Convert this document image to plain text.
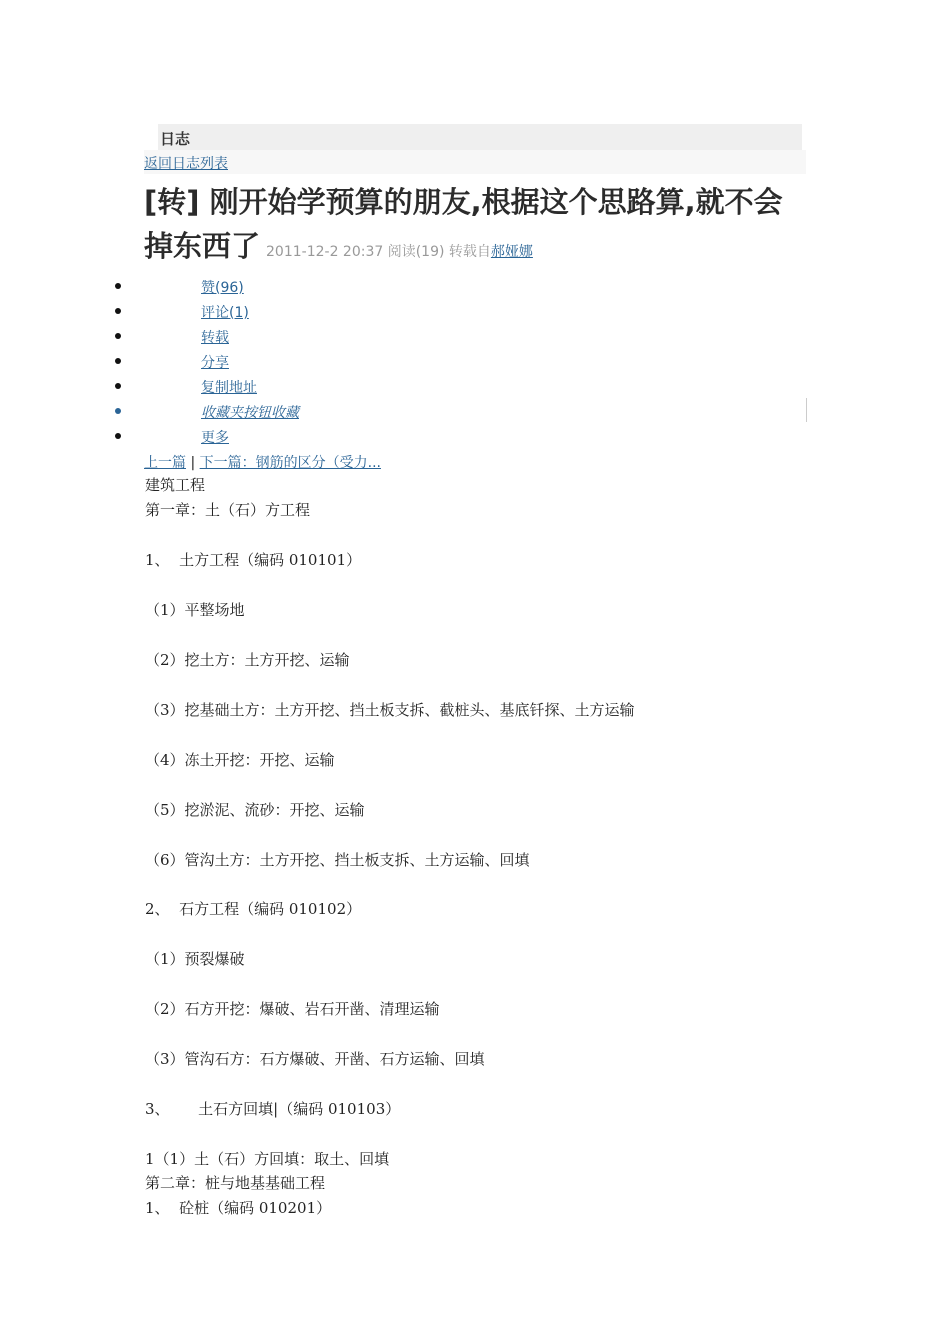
日志
返回日志列表
[转] 刚开始学预算的朋友,根据这个思路算,就不会掉东西了 2011-12-2 20:37 阅读(19) 转载自郝娅娜
赞(96)
评论(1)
转载
分享
复制地址
收藏夹按钮收藏
更多
上一篇 | 下一篇：钢筋的区分（受力...
建筑工程
第一章：土（石）方工程
1、  土方工程（编码 010101）
（1）平整场地
（2）挖土方：土方开挖、运输
（3）挖基础土方：土方开挖、挡土板支拆、截桩头、基底钎探、土方运输
（4）冻土开挖：开挖、运输
（5）挖淤泥、流砂：开挖、运输
（6）管沟土方：土方开挖、挡土板支拆、土方运输、回填
2、  石方工程（编码 010102）
（1）预裂爆破
（2）石方开挖：爆破、岩石开凿、清理运输
（3）管沟石方：石方爆破、开凿、石方运输、回填
3、      土石方回填|（编码 010103）
1（1）土（石）方回填：取土、回填
第二章：桩与地基基础工程
1、  砼桩（编码 010201）
